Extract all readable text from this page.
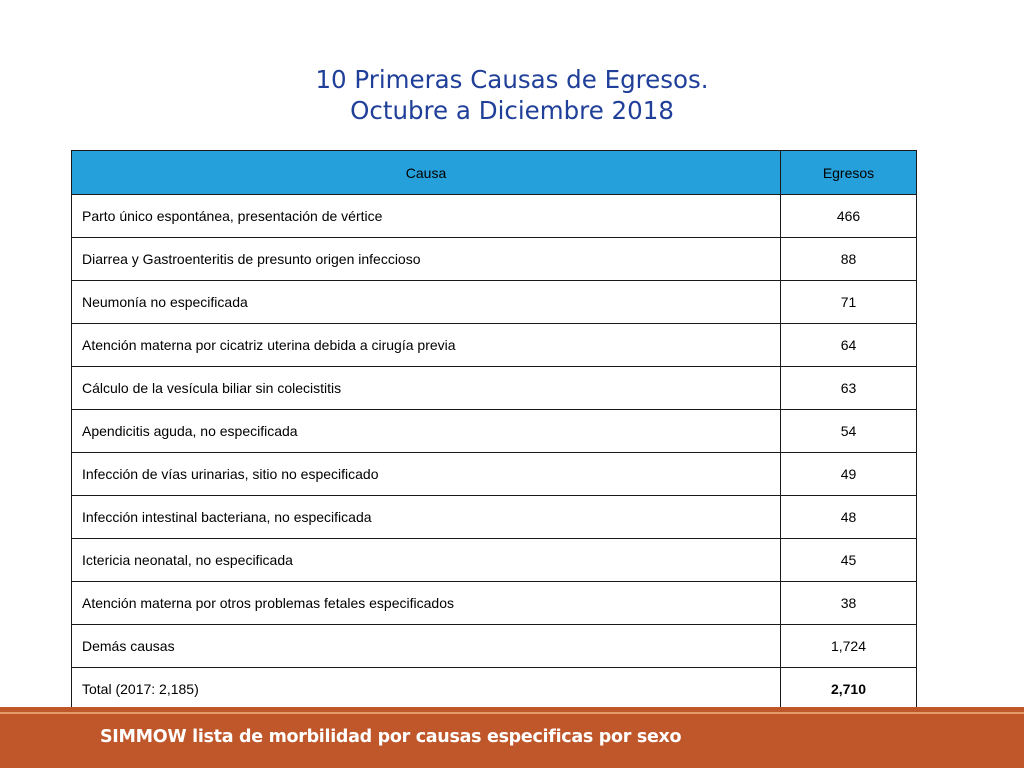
10 Primeras Causas de Egresos.
Octubre a Diciembre 2018
Causa	Egresos
Parto único espontánea, presentación de vértice	466
Diarrea y Gastroenteritis de presunto origen infeccioso	88
Neumonía no especificada	71
Atención materna por cicatriz uterina debida a cirugía previa	64
Cálculo de la vesícula biliar sin colecistitis	63
Apendicitis aguda, no especificada	54
Infección de vías urinarias, sitio no especificado	49
Infección intestinal bacteriana, no especificada	48
Ictericia neonatal, no especificada	45
Atención materna por otros problemas fetales especificados	38
Demás causas	1,724
Total (2017: 2,185)	2,710
SIMMOW lista de morbilidad por causas especificas por sexo
